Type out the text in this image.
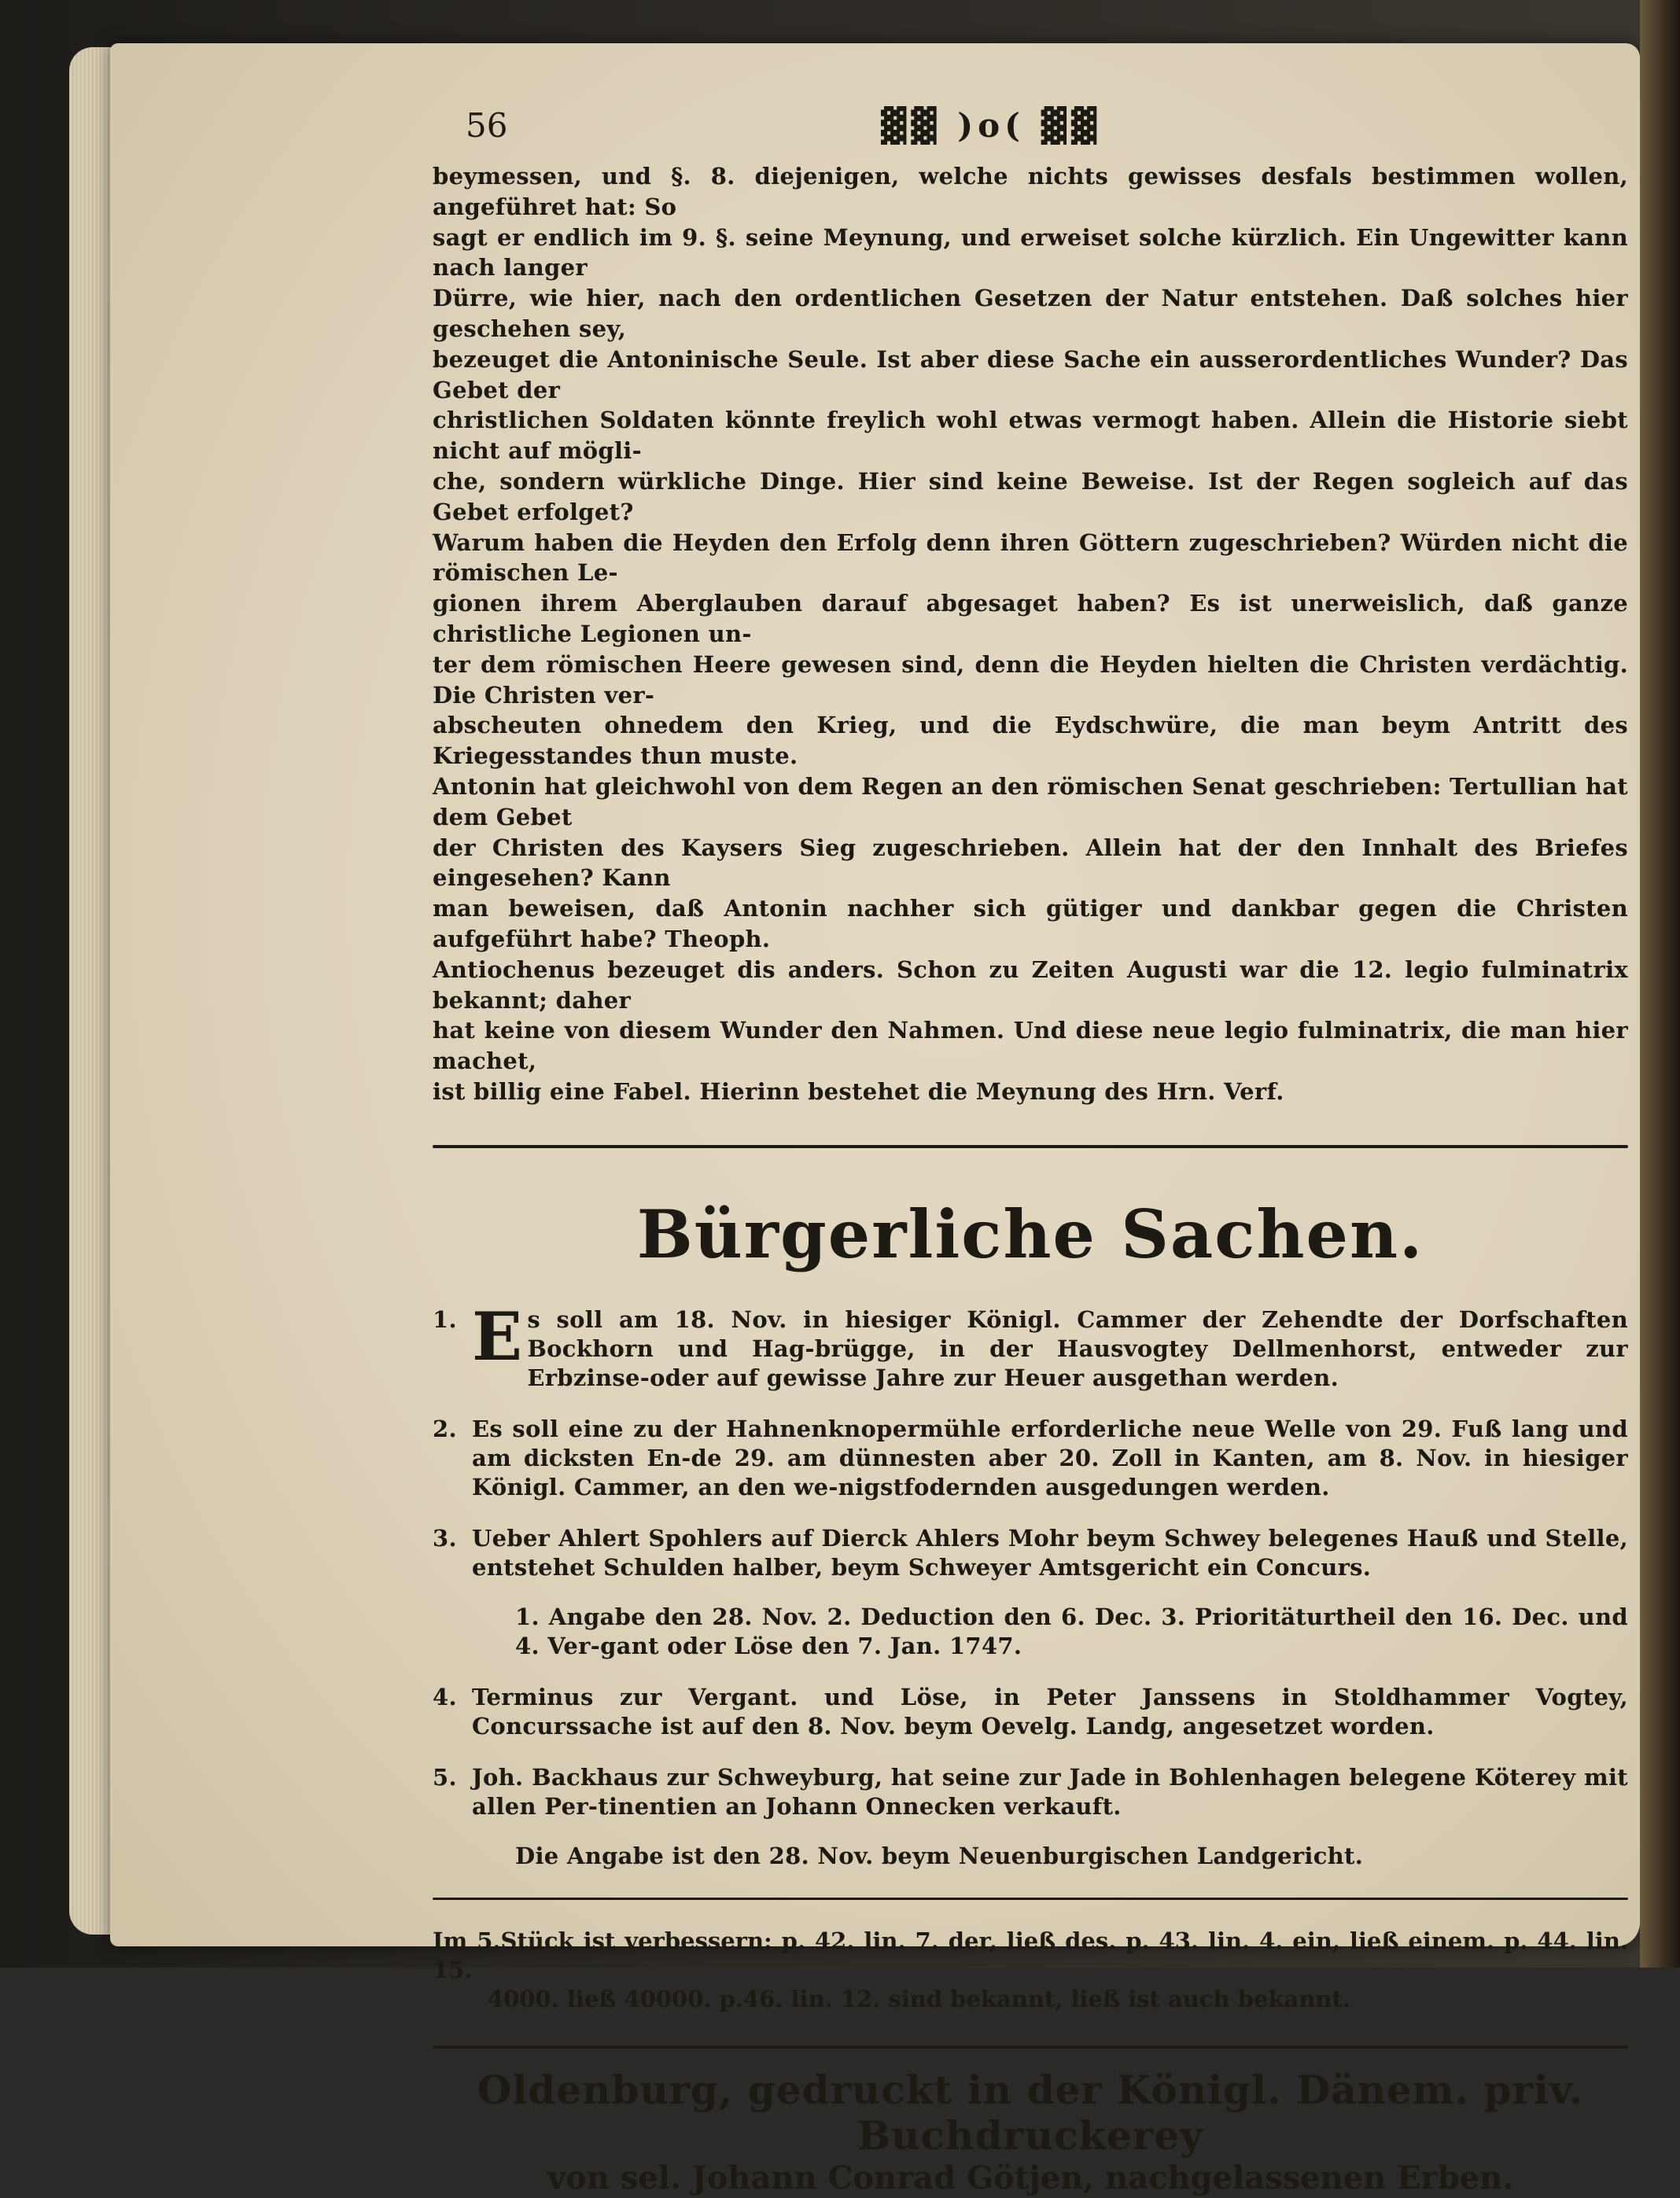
56	▓▓ )o( ▓▓

beymessen, und §. 8. diejenigen, welche nichts gewisses desfals bestimmen wollen, angeführet hat: So

sagt er endlich im 9. §. seine Meynung, und erweiset solche kürzlich. Ein Ungewitter kann nach langer

Dürre, wie hier, nach den ordentlichen Gesetzen der Natur entstehen. Daß solches hier geschehen sey,

bezeuget die Antoninische Seule. Ist aber diese Sache ein ausserordentliches Wunder? Das Gebet der

christlichen Soldaten könnte freylich wohl etwas vermogt haben. Allein die Historie siebt nicht auf mögli-

che, sondern würkliche Dinge. Hier sind keine Beweise. Ist der Regen sogleich auf das Gebet erfolget?

Warum haben die Heyden den Erfolg denn ihren Göttern zugeschrieben? Würden nicht die römischen Le-

gionen ihrem Aberglauben darauf abgesaget haben? Es ist unerweislich, daß ganze christliche Legionen un-

ter dem römischen Heere gewesen sind, denn die Heyden hielten die Christen verdächtig. Die Christen ver-

abscheuten ohnedem den Krieg, und die Eydschwüre, die man beym Antritt des Kriegesstandes thun muste.

Antonin hat gleichwohl von dem Regen an den römischen Senat geschrieben: Tertullian hat dem Gebet

der Christen des Kaysers Sieg zugeschrieben. Allein hat der den Innhalt des Briefes eingesehen? Kann

man beweisen, daß Antonin nachher sich gütiger und dankbar gegen die Christen aufgeführt habe? Theoph.

Antiochenus bezeuget dis anders. Schon zu Zeiten Augusti war die 12. legio fulminatrix bekannt; daher

hat keine von diesem Wunder den Nahmen. Und diese neue legio fulminatrix, die man hier machet,

ist billig eine Fabel. Hierinn bestehet die Meynung des Hrn. Verf.

Bürgerliche Sachen.
1. Es soll am 18. Nov. in hiesiger Königl. Cammer der Zehendte der Dorfschaften Bockhorn und Hag-brügge, in der Hausvogtey Dellmenhorst, entweder zur Erbzinse-oder auf gewisse Jahre zur Heuer ausgethan werden.
2. Es soll eine zu der Hahnenknopermühle erforderliche neue Welle von 29. Fuß lang und am dicksten En-de 29. am dünnesten aber 20. Zoll in Kanten, am 8. Nov. in hiesiger Königl. Cammer, an den we-nigstfodernden ausgedungen werden.
3. Ueber Ahlert Spohlers auf Dierck Ahlers Mohr beym Schwey belegenes Hauß und Stelle, entstehet Schulden halber, beym Schweyer Amtsgericht ein Concurs.
1. Angabe den 28. Nov. 2. Deduction den 6. Dec. 3. Prioritäturtheil den 16. Dec. und 4. Ver-gant oder Löse den 7. Jan. 1747.
4. Terminus zur Vergant. und Löse, in Peter Janssens in Stoldhammer Vogtey, Concurssache ist auf den 8. Nov. beym Oevelg. Landg, angesetzet worden.
5. Joh. Backhaus zur Schweyburg, hat seine zur Jade in Bohlenhagen belegene Köterey mit allen Per-tinentien an Johann Onnecken verkauft.
Die Angabe ist den 28. Nov. beym Neuenburgischen Landgericht.
Im 5.Stück ist verbessern: p. 42. lin. 7. der, ließ des. p. 43. lin. 4. ein, ließ einem. p. 44. lin. 15.
4000. ließ 40000. p.46. lin. 12. sind bekannt, ließ ist auch bekannt.
Oldenburg, gedruckt in der Königl. Dänem. priv. Buchdruckerey
von sel. Johann Conrad Götjen, nachgelassenen Erben.
